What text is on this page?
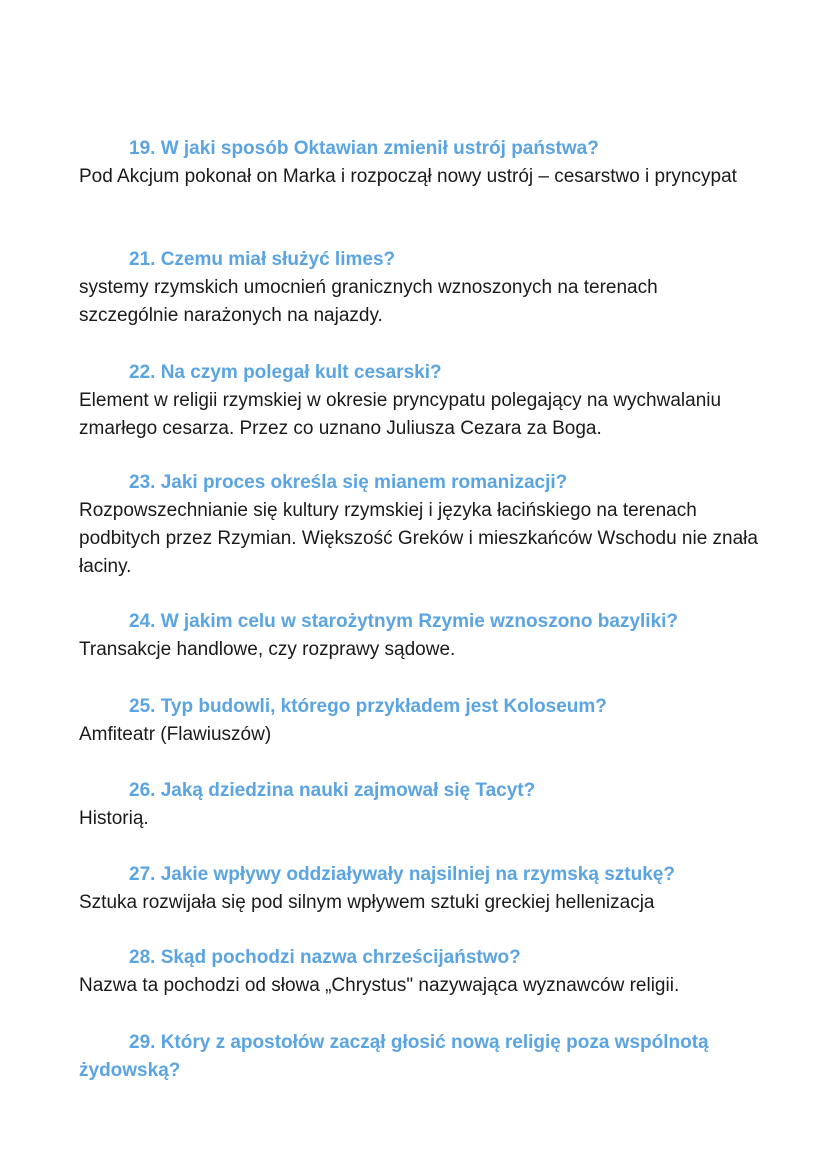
19. W jaki sposób Oktawian zmienił ustrój państwa?

Pod Akcjum pokonał on Marka i rozpoczął nowy ustrój – cesarstwo i pryncypat

21. Czemu miał służyć limes?

systemy rzymskich umocnień granicznych wznoszonych na terenach szczególnie narażonych na najazdy.

22. Na czym polegał kult cesarski?

Element w religii rzymskiej w okresie pryncypatu polegający na wychwalaniu zmarłego cesarza. Przez co uznano Juliusza Cezara za Boga.

23. Jaki proces określa się mianem romanizacji?

Rozpowszechnianie się kultury rzymskiej i języka łacińskiego na terenach podbitych przez Rzymian. Większość Greków i mieszkańców Wschodu nie znała łaciny.

24. W jakim celu w starożytnym Rzymie wznoszono bazyliki?

Transakcje handlowe, czy rozprawy sądowe.

25. Typ budowli, którego przykładem jest Koloseum?

Amfiteatr (Flawiuszów)

26. Jaką dziedzina nauki zajmował się Tacyt?

Historią.

27. Jakie wpływy oddziaływały najsilniej na rzymską sztukę?

Sztuka rozwijała się pod silnym wpływem sztuki greckiej hellenizacja

28. Skąd pochodzi nazwa chrześcijaństwo?

Nazwa ta pochodzi od słowa „Chrystus" nazywająca wyznawców religii.

29. Który z apostołów zaczął głosić nową religię poza wspólnotą żydowską?
